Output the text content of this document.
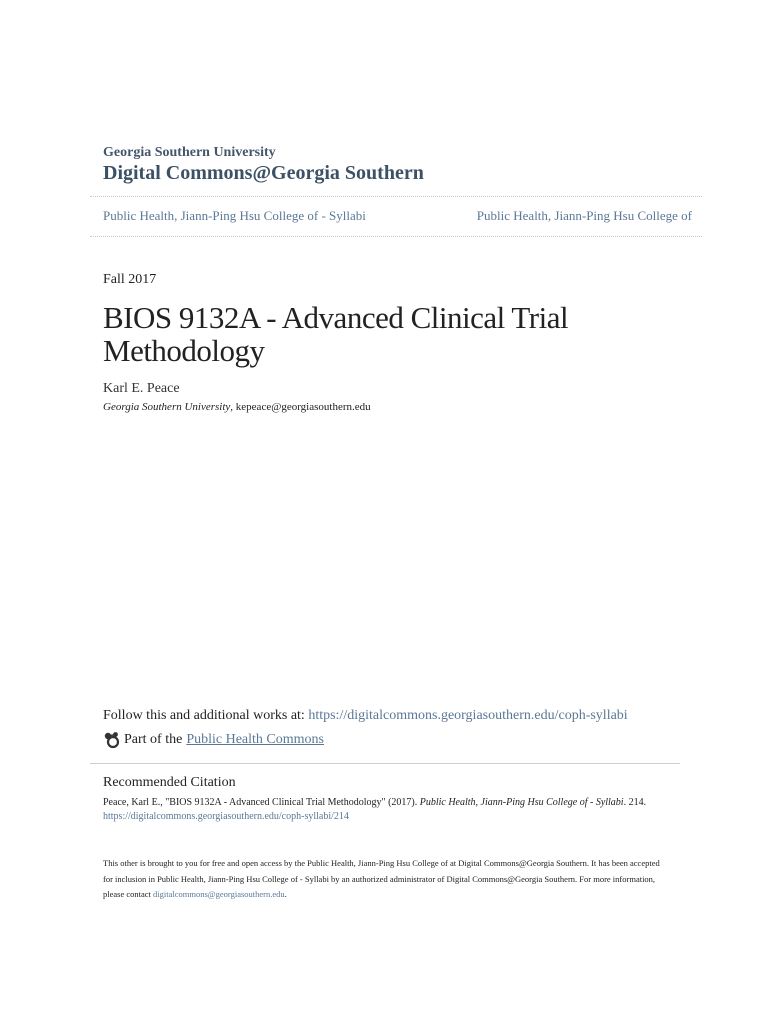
Georgia Southern University
Digital Commons@Georgia Southern
Public Health, Jiann-Ping Hsu College of - Syllabi	Public Health, Jiann-Ping Hsu College of
Fall 2017
BIOS 9132A - Advanced Clinical Trial Methodology
Karl E. Peace
Georgia Southern University, kepeace@georgiasouthern.edu
Follow this and additional works at: https://digitalcommons.georgiasouthern.edu/coph-syllabi
Part of the Public Health Commons
Recommended Citation
Peace, Karl E., "BIOS 9132A - Advanced Clinical Trial Methodology" (2017). Public Health, Jiann-Ping Hsu College of - Syllabi. 214.
https://digitalcommons.georgiasouthern.edu/coph-syllabi/214
This other is brought to you for free and open access by the Public Health, Jiann-Ping Hsu College of at Digital Commons@Georgia Southern. It has been accepted for inclusion in Public Health, Jiann-Ping Hsu College of - Syllabi by an authorized administrator of Digital Commons@Georgia Southern. For more information, please contact digitalcommons@georgiasouthern.edu.
